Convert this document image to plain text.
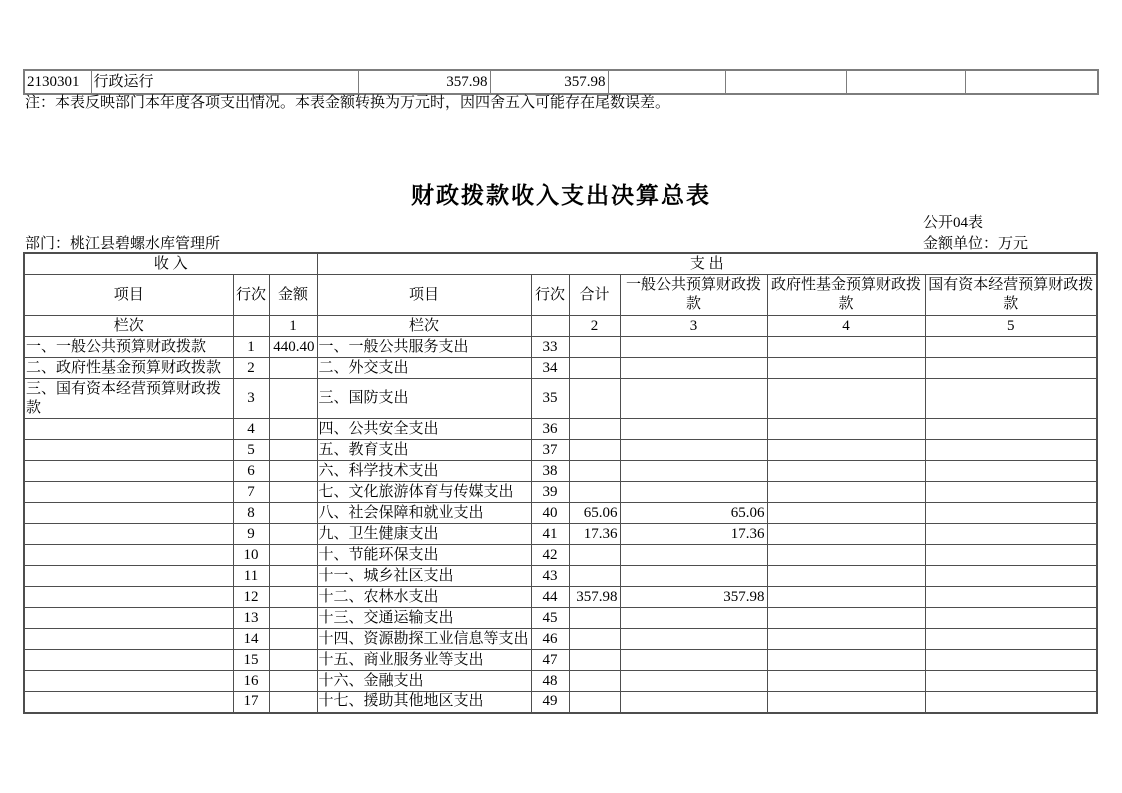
2130301	行政运行	357.98	357.98				
注：本表反映部门本年度各项支出情况。本表金额转换为万元时，因四舍五入可能存在尾数误差。
财政拨款收入支出决算总表
公开04表
部门：桃江县碧螺水库管理所	金额单位：万元
收 入			支 出					
项目	行次	金额	项目	行次	合计	一般公共预算财政拨款	政府性基金预算财政拨款	国有资本经营预算财政拨款
栏次		1	栏次		2	3	4	5
一、一般公共预算财政拨款	1	440.40	一、一般公共服务支出	33				
二、政府性基金预算财政拨款	2		二、外交支出	34				
三、国有资本经营预算财政拨款	3		三、国防支出	35				
	4		四、公共安全支出	36				
	5		五、教育支出	37				
	6		六、科学技术支出	38				
	7		七、文化旅游体育与传媒支出	39				
	8		八、社会保障和就业支出	40	65.06	65.06		
	9		九、卫生健康支出	41	17.36	17.36		
	10		十、节能环保支出	42				
	11		十一、城乡社区支出	43				
	12		十二、农林水支出	44	357.98	357.98		
	13		十三、交通运输支出	45				
	14		十四、资源勘探工业信息等支出	46				
	15		十五、商业服务业等支出	47				
	16		十六、金融支出	48				
	17		十七、援助其他地区支出	49				
